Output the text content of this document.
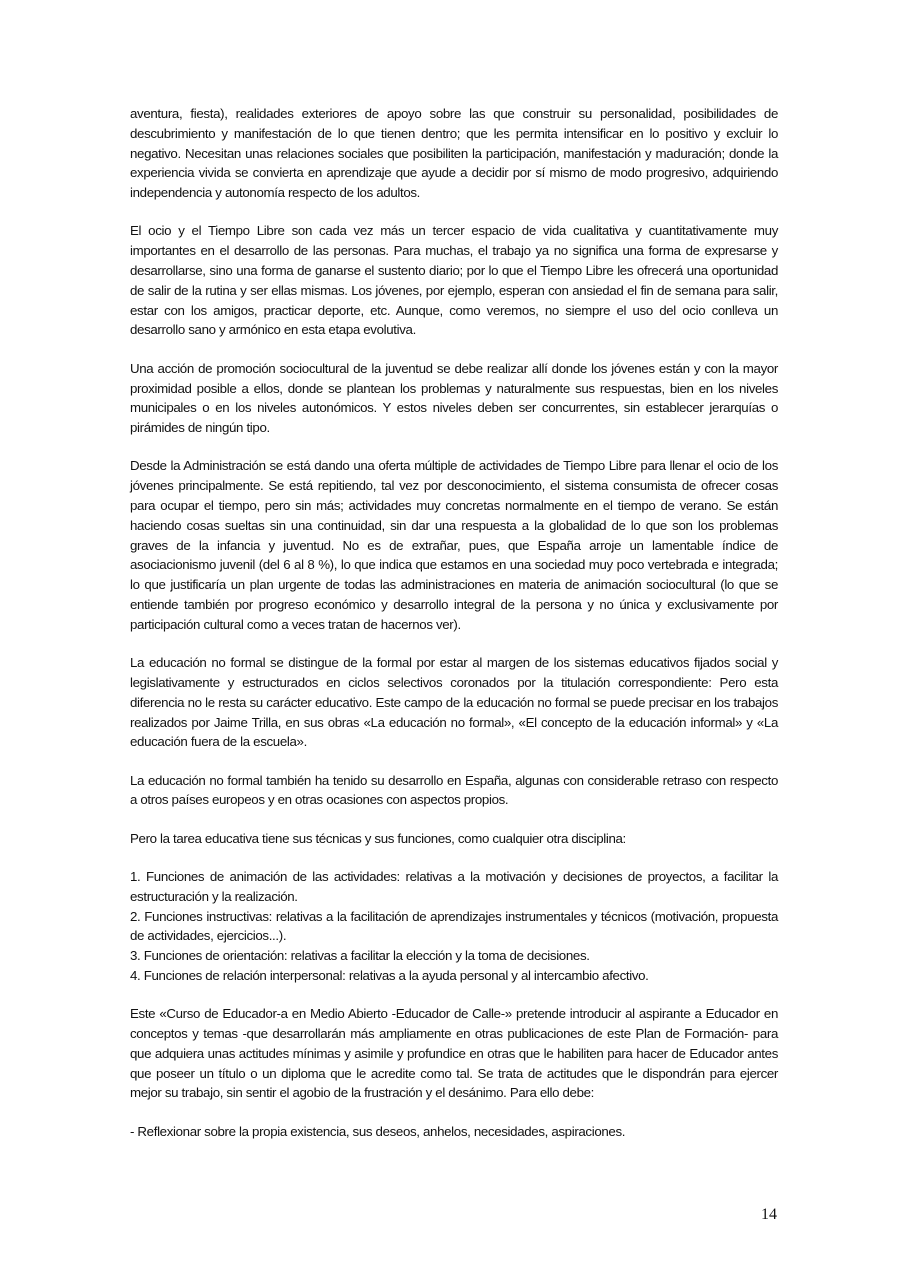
aventura, fiesta), realidades exteriores de apoyo sobre las que construir su personalidad, posibilidades de descubrimiento y manifestación de lo que tienen dentro; que les permita intensificar en lo positivo y excluir lo negativo. Necesitan unas relaciones sociales que posibiliten la participación, manifestación y maduración; donde la experiencia vivida se convierta en aprendizaje que ayude a decidir por sí mismo de modo progresivo, adquiriendo independencia y autonomía respecto de los adultos.

El ocio y el Tiempo Libre son cada vez más un tercer espacio de vida cualitativa y cuantitativamente muy importantes en el desarrollo de las personas. Para muchas, el trabajo ya no significa una forma de expresarse y desarrollarse, sino una forma de ganarse el sustento diario; por lo que el Tiempo Libre les ofrecerá una oportunidad de salir de la rutina y ser ellas mismas. Los jóvenes, por ejemplo, esperan con ansiedad el fin de semana para salir, estar con los amigos, practicar deporte, etc. Aunque, como veremos, no siempre el uso del ocio conlleva un desarrollo sano y armónico en esta etapa evolutiva.

Una acción de promoción sociocultural de la juventud se debe realizar allí donde los jóvenes están y con la mayor proximidad posible a ellos, donde se plantean los problemas y naturalmente sus respuestas, bien en los niveles municipales o en los niveles autonómicos. Y estos niveles deben ser concurrentes, sin establecer jerarquías o pirámides de ningún tipo.

Desde la Administración se está dando una oferta múltiple de actividades de Tiempo Libre para llenar el ocio de los jóvenes principalmente. Se está repitiendo, tal vez por desconocimiento, el sistema consumista de ofrecer cosas para ocupar el tiempo, pero sin más; actividades muy concretas normalmente en el tiempo de verano. Se están haciendo cosas sueltas sin una continuidad, sin dar una respuesta a la globalidad de lo que son los problemas graves de la infancia y juventud. No es de extrañar, pues, que España arroje un lamentable índice de asociacionismo juvenil (del 6 al 8 %), lo que indica que estamos en una sociedad muy poco vertebrada e integrada; lo que justificaría un plan urgente de todas las administraciones en materia de animación sociocultural (lo que se entiende también por progreso económico y desarrollo integral de la persona y no única y exclusivamente por participación cultural como a veces tratan de hacernos ver).

La educación no formal se distingue de la formal por estar al margen de los sistemas educativos fijados social y legislativamente y estructurados en ciclos selectivos coronados por la titulación correspondiente: Pero esta diferencia no le resta su carácter educativo. Este campo de la educación no formal se puede precisar en los trabajos realizados por Jaime Trilla, en sus obras «La educación no formal», «El concepto de la educación informal» y «La educación fuera de la escuela».

La educación no formal también ha tenido su desarrollo en España, algunas con considerable retraso con respecto a otros países europeos y en otras ocasiones con aspectos propios.

Pero la tarea educativa tiene sus técnicas y sus funciones, como cualquier otra disciplina:

1. Funciones de animación de las actividades: relativas a la motivación y decisiones de proyectos, a facilitar la estructuración y la realización.

2. Funciones instructivas: relativas a la facilitación de aprendizajes instrumentales y técnicos (motivación, propuesta de actividades, ejercicios...).

3. Funciones de orientación: relativas a facilitar la elección y la toma de decisiones.

4. Funciones de relación interpersonal: relativas a la ayuda personal y al intercambio afectivo.

Este «Curso de Educador-a en Medio Abierto -Educador de Calle-» pretende introducir al aspirante a Educador en conceptos y temas -que desarrollarán más ampliamente en otras publicaciones de este Plan de Formación- para que adquiera unas actitudes mínimas y asimile y profundice en otras que le habiliten para hacer de Educador antes que poseer un título o un diploma que le acredite como tal. Se trata de actitudes que le dispondrán para ejercer mejor su trabajo, sin sentir el agobio de la frustración y el desánimo. Para ello debe:

- Reflexionar sobre la propia existencia, sus deseos, anhelos, necesidades, aspiraciones.

14
